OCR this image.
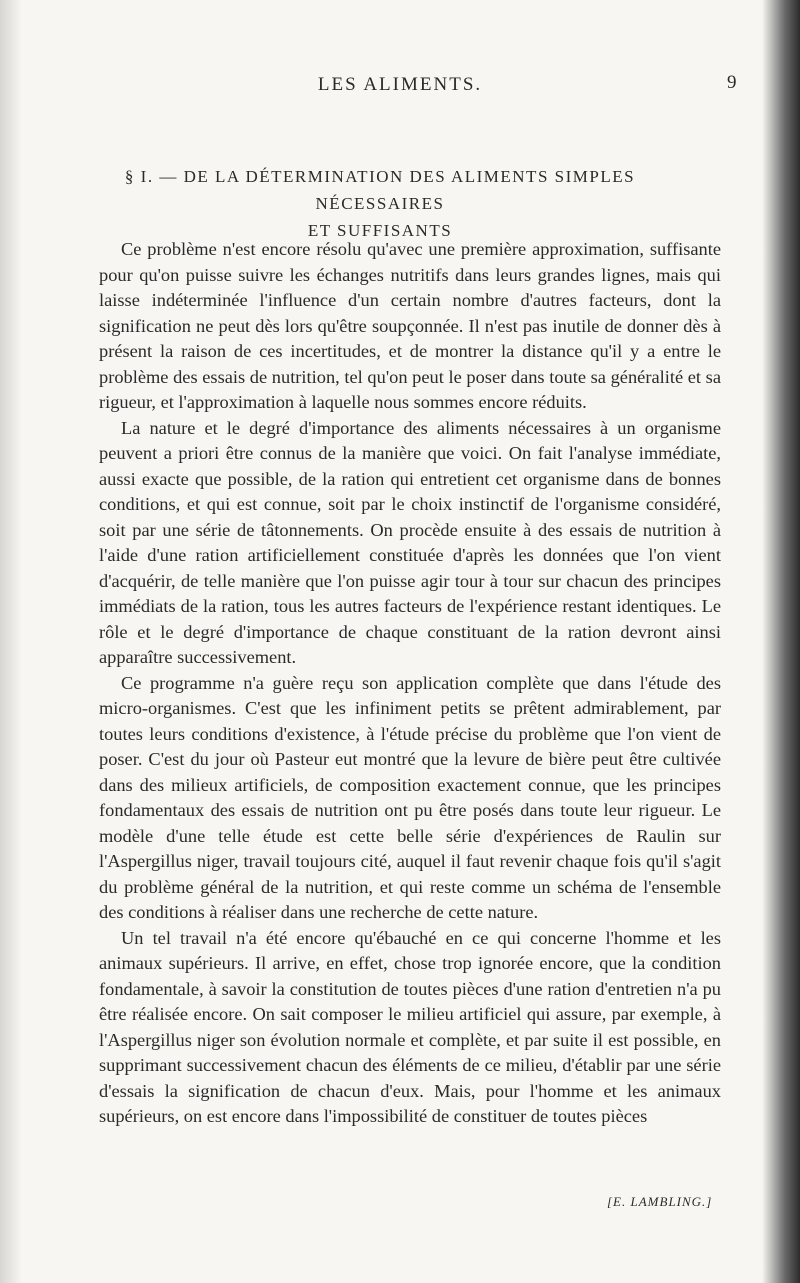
LES ALIMENTS.	9
§ I. — DE LA DÉTERMINATION DES ALIMENTS SIMPLES NÉCESSAIRES
ET SUFFISANTS

Ce problème n'est encore résolu qu'avec une première approximation, suffisante pour qu'on puisse suivre les échanges nutritifs dans leurs grandes lignes, mais qui laisse indéterminée l'influence d'un certain nombre d'autres facteurs, dont la signification ne peut dès lors qu'être soupçonnée. Il n'est pas inutile de donner dès à présent la raison de ces incertitudes, et de montrer la distance qu'il y a entre le problème des essais de nutrition, tel qu'on peut le poser dans toute sa généralité et sa rigueur, et l'approximation à laquelle nous sommes encore réduits.

La nature et le degré d'importance des aliments nécessaires à un organisme peuvent a priori être connus de la manière que voici. On fait l'analyse immédiate, aussi exacte que possible, de la ration qui entretient cet organisme dans de bonnes conditions, et qui est connue, soit par le choix instinctif de l'organisme considéré, soit par une série de tâtonnements. On procède ensuite à des essais de nutrition à l'aide d'une ration artificiellement constituée d'après les données que l'on vient d'acquérir, de telle manière que l'on puisse agir tour à tour sur chacun des principes immédiats de la ration, tous les autres facteurs de l'expérience restant identiques. Le rôle et le degré d'importance de chaque constituant de la ration devront ainsi apparaître successivement.

Ce programme n'a guère reçu son application complète que dans l'étude des micro-organismes. C'est que les infiniment petits se prêtent admirablement, par toutes leurs conditions d'existence, à l'étude précise du problème que l'on vient de poser. C'est du jour où Pasteur eut montré que la levure de bière peut être cultivée dans des milieux artificiels, de composition exactement connue, que les principes fondamentaux des essais de nutrition ont pu être posés dans toute leur rigueur. Le modèle d'une telle étude est cette belle série d'expériences de Raulin sur l'Aspergillus niger, travail toujours cité, auquel il faut revenir chaque fois qu'il s'agit du problème général de la nutrition, et qui reste comme un schéma de l'ensemble des conditions à réaliser dans une recherche de cette nature.

Un tel travail n'a été encore qu'ébauché en ce qui concerne l'homme et les animaux supérieurs. Il arrive, en effet, chose trop ignorée encore, que la condition fondamentale, à savoir la constitution de toutes pièces d'une ration d'entretien n'a pu être réalisée encore. On sait composer le milieu artificiel qui assure, par exemple, à l'Aspergillus niger son évolution normale et complète, et par suite il est possible, en supprimant successivement chacun des éléments de ce milieu, d'établir par une série d'essais la signification de chacun d'eux. Mais, pour l'homme et les animaux supérieurs, on est encore dans l'impossibilité de constituer de toutes pièces

[E. LAMBLING.]
